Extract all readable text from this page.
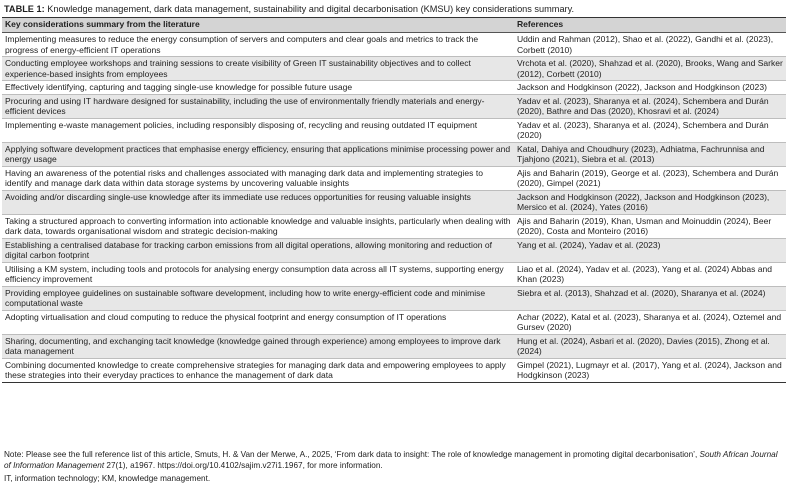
TABLE 1: Knowledge management, dark data management, sustainability and digital decarbonisation (KMSU) key considerations summary.
Key considerations summary from the literature	References
Implementing measures to reduce the energy consumption of servers and computers and clear goals and metrics to track the progress of energy-efficient IT operations	Uddin and Rahman (2012), Shao et al. (2022), Gandhi et al. (2023), Corbett (2010)
Conducting employee workshops and training sessions to create visibility of Green IT sustainability objectives and to collect experience-based insights from employees	Vrchota et al. (2020), Shahzad et al. (2020), Brooks, Wang and Sarker (2012), Corbett (2010)
Effectively identifying, capturing and tagging single-use knowledge for possible future usage	Jackson and Hodgkinson (2022), Jackson and Hodgkinson (2023)
Procuring and using IT hardware designed for sustainability, including the use of environmentally friendly materials and energy-efficient devices	Yadav et al. (2023), Sharanya et al. (2024), Schembera and Durán (2020), Bathre and Das (2020), Khosravi et al. (2024)
Implementing e-waste management policies, including responsibly disposing of, recycling and reusing outdated IT equipment	Yadav et al. (2023), Sharanya et al. (2024), Schembera and Durán (2020)
Applying software development practices that emphasise energy efficiency, ensuring that applications minimise processing power and energy usage	Katal, Dahiya and Choudhury (2023), Adhiatma, Fachrunnisa and Tjahjono (2021), Siebra et al. (2013)
Having an awareness of the potential risks and challenges associated with managing dark data and implementing strategies to identify and manage dark data within data storage systems by uncovering valuable insights	Ajis and Baharin (2019), George et al. (2023), Schembera and Durán (2020), Gimpel (2021)
Avoiding and/or discarding single-use knowledge after its immediate use reduces opportunities for reusing valuable insights	Jackson and Hodgkinson (2022), Jackson and Hodgkinson (2023), Mersico et al. (2024), Yates (2016)
Taking a structured approach to converting information into actionable knowledge and valuable insights, particularly when dealing with dark data, towards organisational wisdom and strategic decision-making	Ajis and Baharin (2019), Khan, Usman and Moinuddin (2024), Beer (2020), Costa and Monteiro (2016)
Establishing a centralised database for tracking carbon emissions from all digital operations, allowing monitoring and reduction of digital carbon footprint	Yang et al. (2024), Yadav et al. (2023)
Utilising a KM system, including tools and protocols for analysing energy consumption data across all IT systems, supporting energy efficiency improvement	Liao et al. (2024), Yadav et al. (2023), Yang et al. (2024) Abbas and Khan (2023)
Providing employee guidelines on sustainable software development, including how to write energy-efficient code and minimise computational waste	Siebra et al. (2013), Shahzad et al. (2020), Sharanya et al. (2024)
Adopting virtualisation and cloud computing to reduce the physical footprint and energy consumption of IT operations	Achar (2022), Katal et al. (2023), Sharanya et al. (2024), Oztemel and Gursev (2020)
Sharing, documenting, and exchanging tacit knowledge (knowledge gained through experience) among employees to improve dark data management	Hung et al. (2024), Asbari et al. (2020), Davies (2015), Zhong et al. (2024)
Combining documented knowledge to create comprehensive strategies for managing dark data and empowering employees to apply these strategies into their everyday practices to enhance the management of dark data	Gimpel (2021), Lugmayr et al. (2017), Yang et al. (2024), Jackson and Hodgkinson (2023)
Note: Please see the full reference list of this article, Smuts, H. & Van der Merwe, A., 2025, ‘From dark data to insight: The role of knowledge management in promoting digital decarbonisation’, South African Journal of Information Management 27(1), a1967. https://doi.org/10.4102/sajim.v27i1.1967, for more information.
IT, information technology; KM, knowledge management.
